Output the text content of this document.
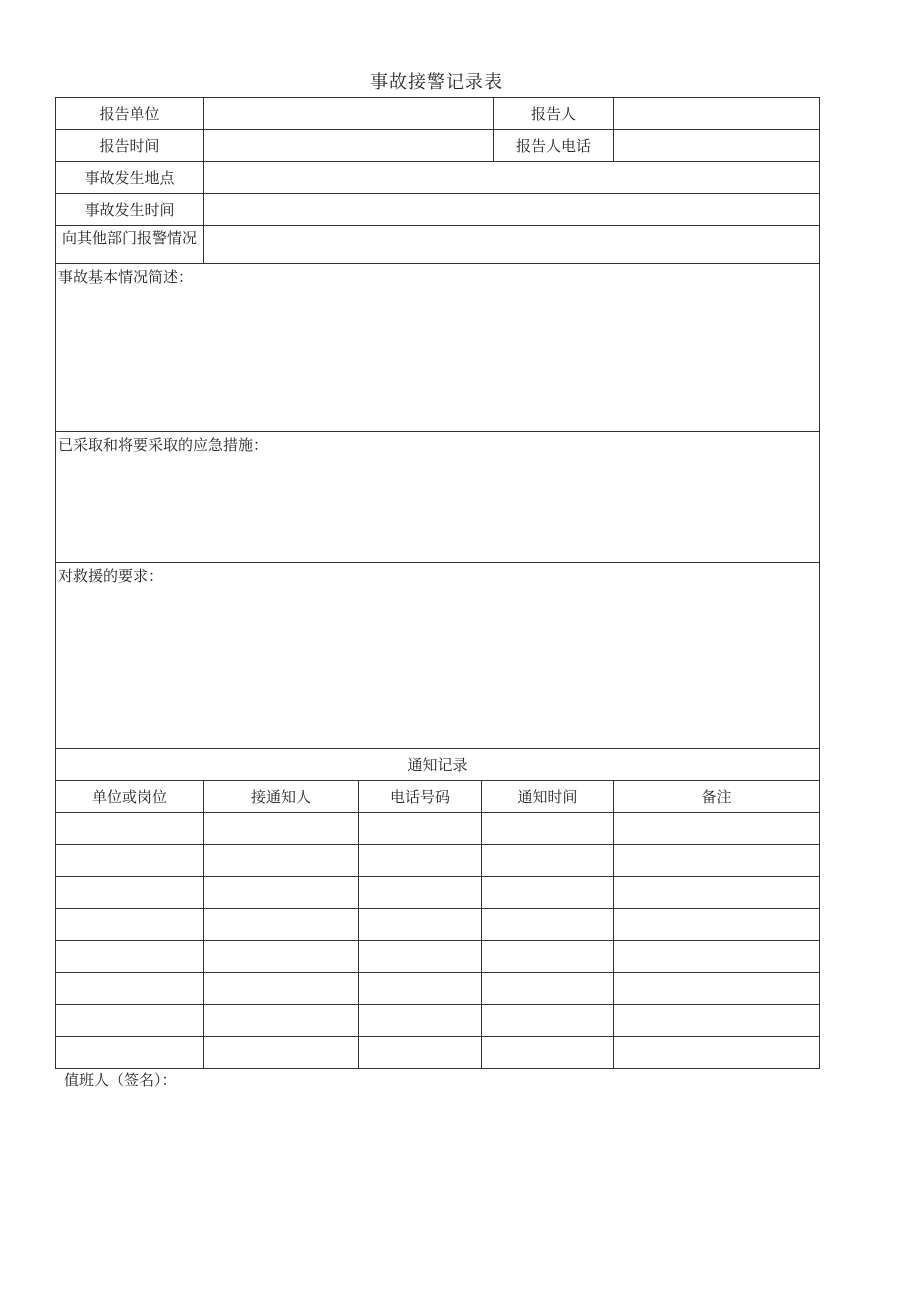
事故接警记录表
报告单位				报告人	
报告时间				报告人电话	
事故发生地点					
事故发生时间					
向其他部门报警情况					
事故基本情况简述：					
已采取和将要采取的应急措施：					
对救援的要求：					
通知记录					
单位或岗位	接通知人	电话号码	通知时间		备注

值班人（签名）：
